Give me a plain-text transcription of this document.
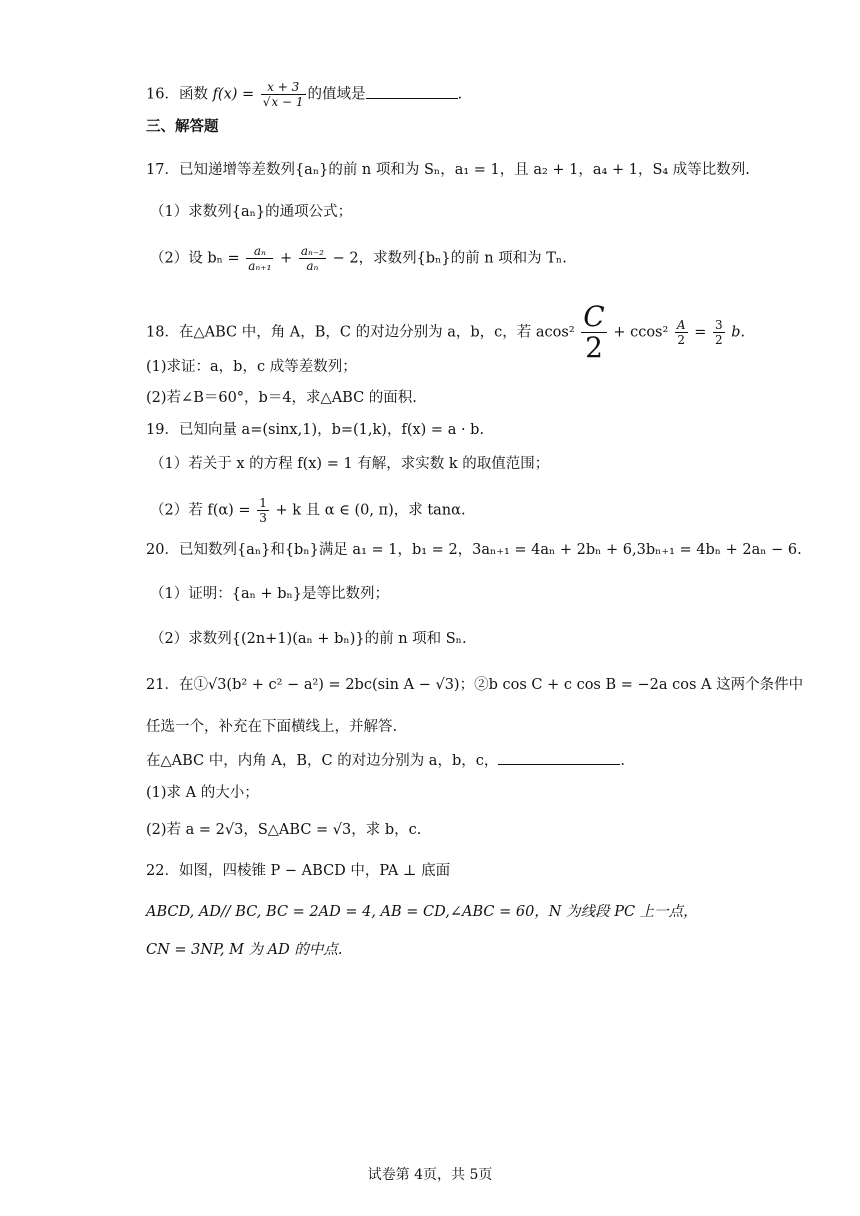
16．函数 $f(x) = \frac{x + 3}{√x - 1}$ 的值域是	.
三、解答题
17．已知递增等差数列{aₙ}的前 n 项和为 Sₙ，a₁ = 1，且 a₂ + 1，a₄ + 1，S₄ 成等比数列.
（1）求数列{aₙ}的通项公式；
（2）设 $b_n = \frac{\text{aₙ}}{\text{aₙ₊₁}} + \frac{\text{aₙ₋₂}}{\text{aₙ}} - 2$，求数列{bₙ}的前 n 项和为 Tₙ.
18．在△ABC 中，角 A，B，C 的对边分别为 a，b，c，若 $acos^2 \frac{C}{2} + ccos^2 \frac{A}{2} = \frac{3}{2} b$.
(1)求证：a，b，c 成等差数列；
(2)若∠B＝60°，b＝4，求△ABC 的面积.
19．已知向量 a=(sinx,1)，b=(1,k)，f(x) = a · b.
（1）若关于 x 的方程 f(x) = 1 有解，求实数 k 的取值范围；
（2）若 $f(\alpha) = \frac{1}{3} + k$ 且 α ∈ (0, π)，求 tanα.
20．已知数列{aₙ}和{bₙ}满足 a₁ = 1，b₁ = 2，3aₙ₊₁ = 4aₙ + 2bₙ + 6,3bₙ₊₁ = 4bₙ + 2aₙ − 6.
（1）证明：{aₙ + bₙ}是等比数列；
（2）求数列{(2n+1)(aₙ + bₙ)}的前 n 项和 Sₙ.
21．在①√3(b² + c² − a²) = 2bc(sin A − √3)；②b cos C + c cos B = −2a cos A 这两个条件中
任选一个，补充在下面横线上，并解答.
在△ABC 中，内角 A，B，C 的对边分别为 a，b，c，	.
(1)求 A 的大小；
(2)若 a = 2√3，S△ABC = √3，求 b，c.
22．如图，四棱锥 P − ABCD 中，PA ⊥ 底面
ABCD, AD// BC, BC = 2AD = 4, AB = CD,∠ABC = 60，N 为线段 PC 上一点，
CN = 3NP, M 为 AD 的中点.
试卷第 4页，共 5页
